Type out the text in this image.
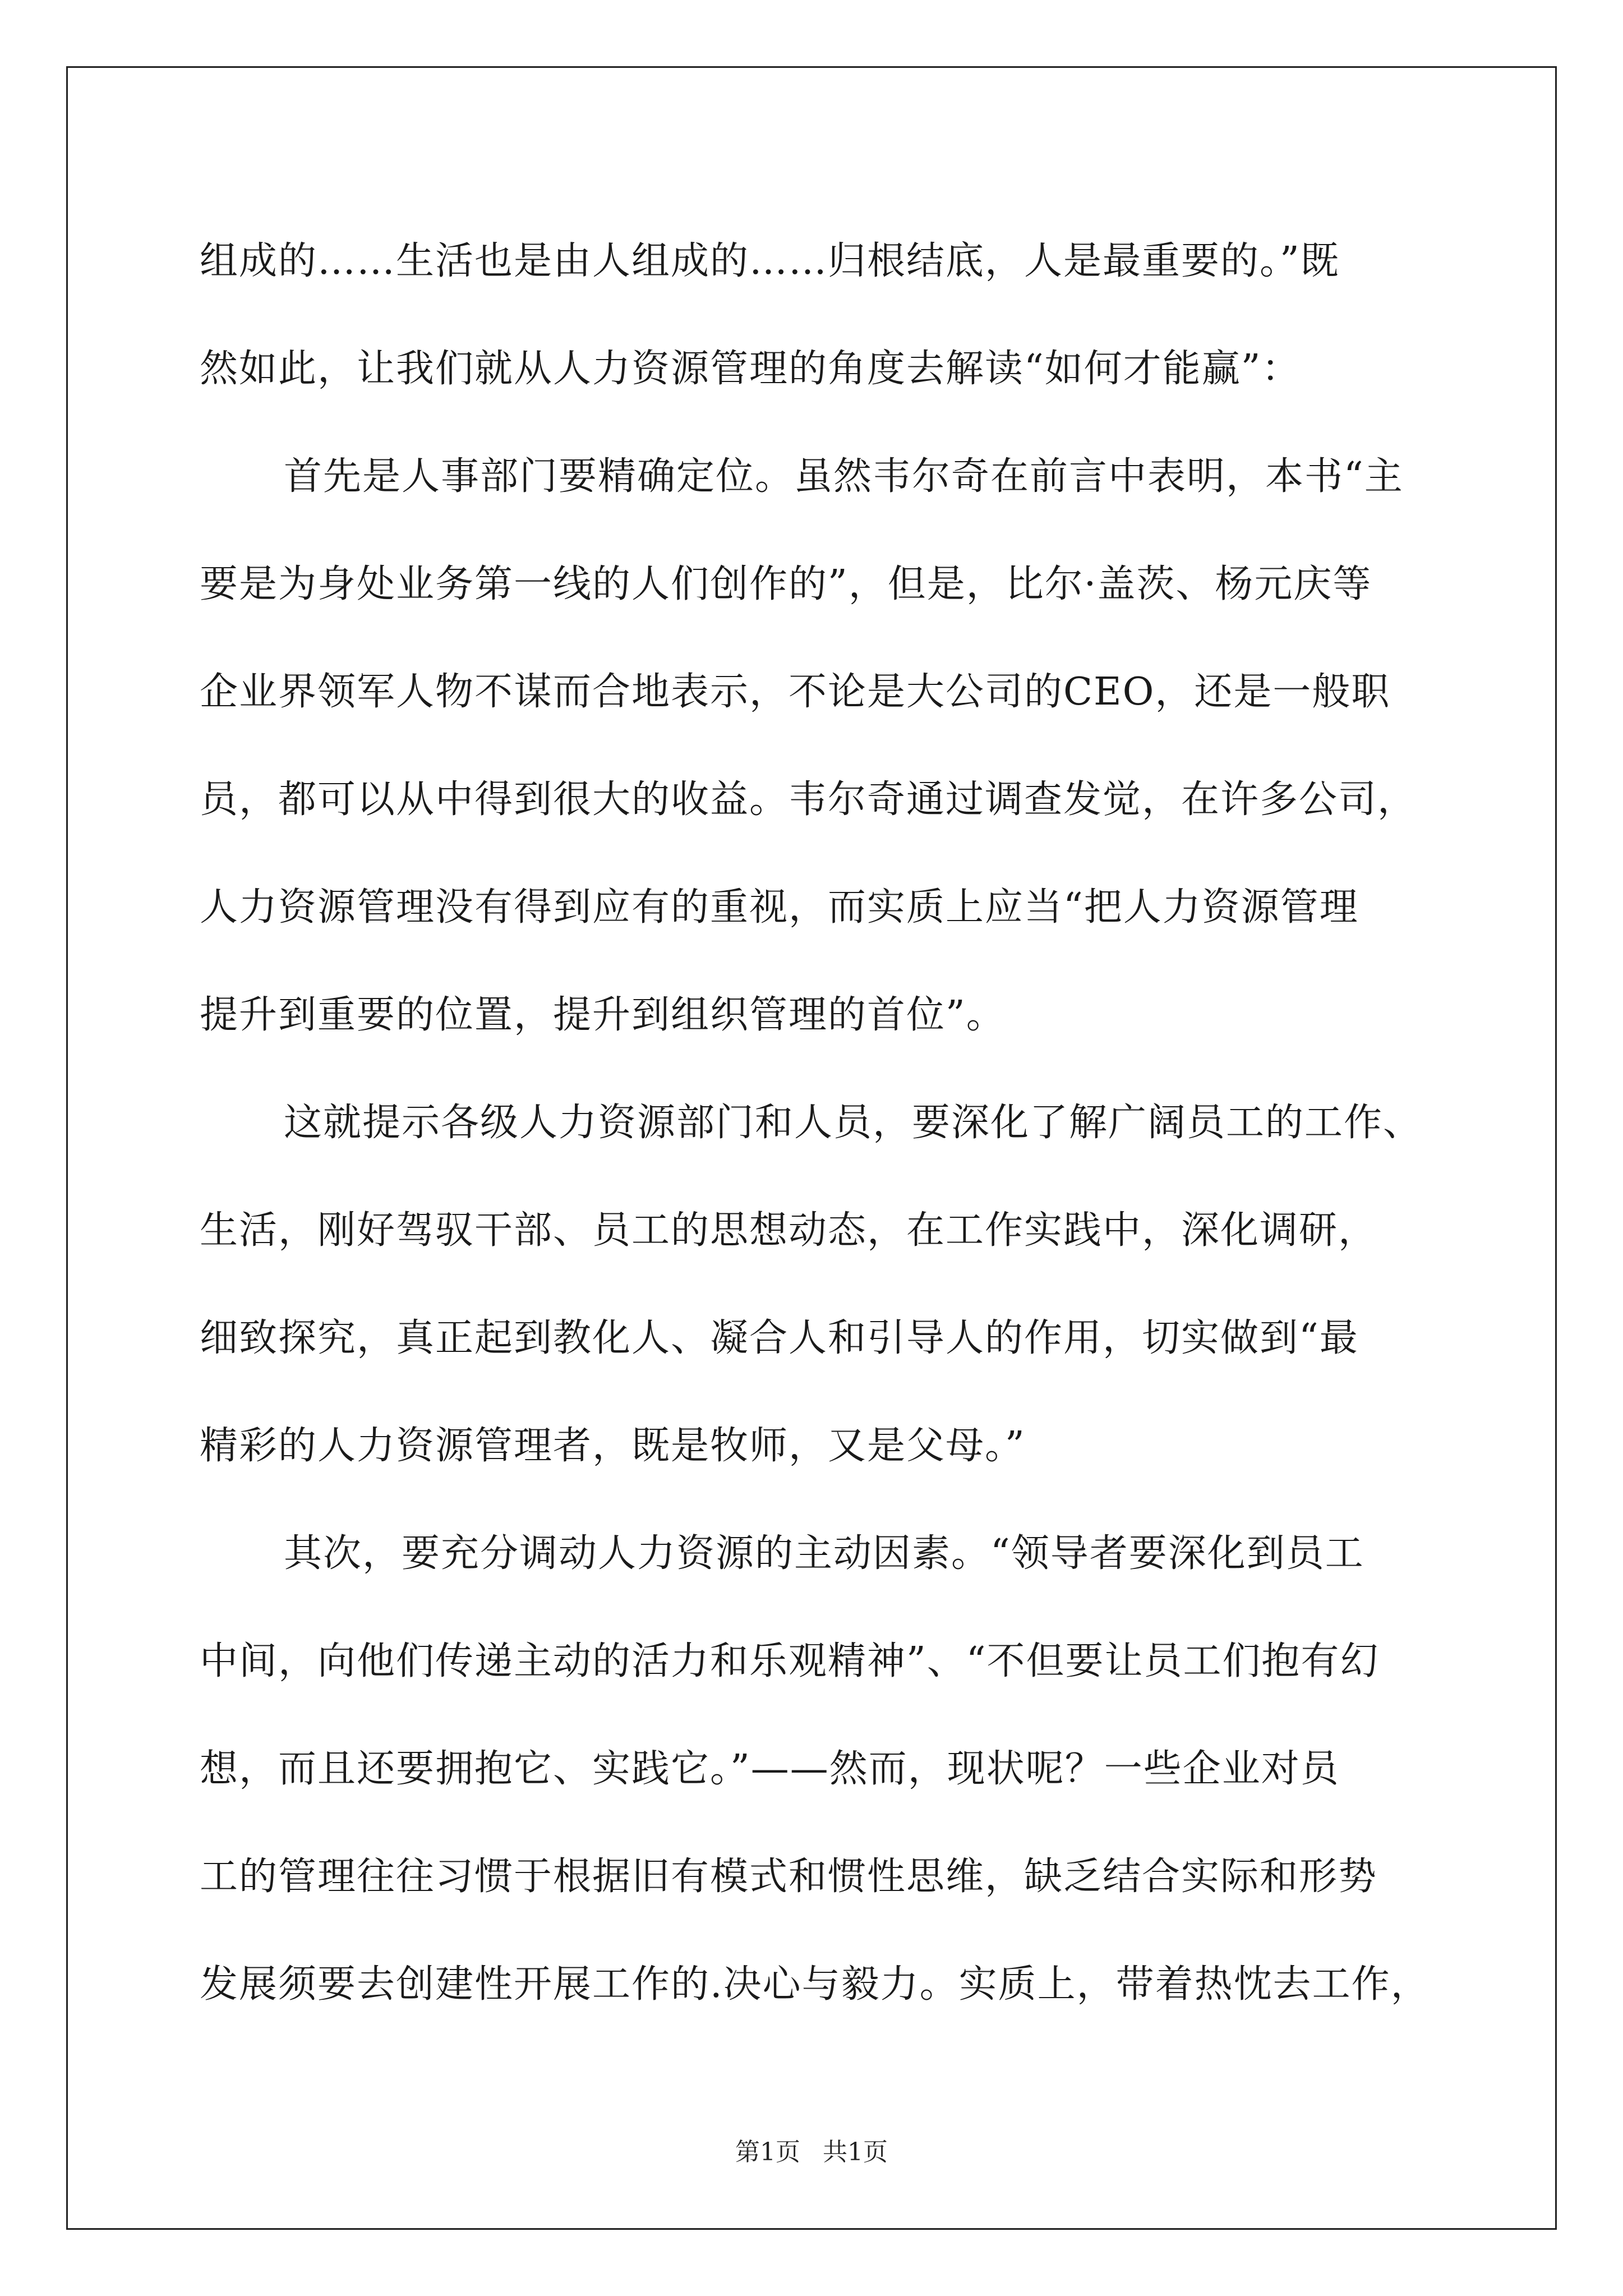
组成的……生活也是由人组成的……归根结底，人是最重要的。”既
然如此，让我们就从人力资源管理的角度去解读“如何才能赢”：
首先是人事部门要精确定位。虽然韦尔奇在前言中表明，本书“主
要是为身处业务第一线的人们创作的”，但是，比尔·盖茨、杨元庆等
企业界领军人物不谋而合地表示，不论是大公司的CEO，还是一般职
员，都可以从中得到很大的收益。韦尔奇通过调查发觉，在许多公司，
人力资源管理没有得到应有的重视，而实质上应当“把人力资源管理
提升到重要的位置，提升到组织管理的首位”。
这就提示各级人力资源部门和人员，要深化了解广阔员工的工作、
生活，刚好驾驭干部、员工的思想动态，在工作实践中，深化调研，
细致探究，真正起到教化人、凝合人和引导人的作用，切实做到“最
精彩的人力资源管理者，既是牧师，又是父母。”
其次，要充分调动人力资源的主动因素。“领导者要深化到员工
中间，向他们传递主动的活力和乐观精神”、“不但要让员工们抱有幻
想，而且还要拥抱它、实践它。”——然而，现状呢？一些企业对员
工的管理往往习惯于根据旧有模式和惯性思维，缺乏结合实际和形势
发展须要去创建性开展工作的.决心与毅力。实质上，带着热忱去工作，
第1页 共1页
